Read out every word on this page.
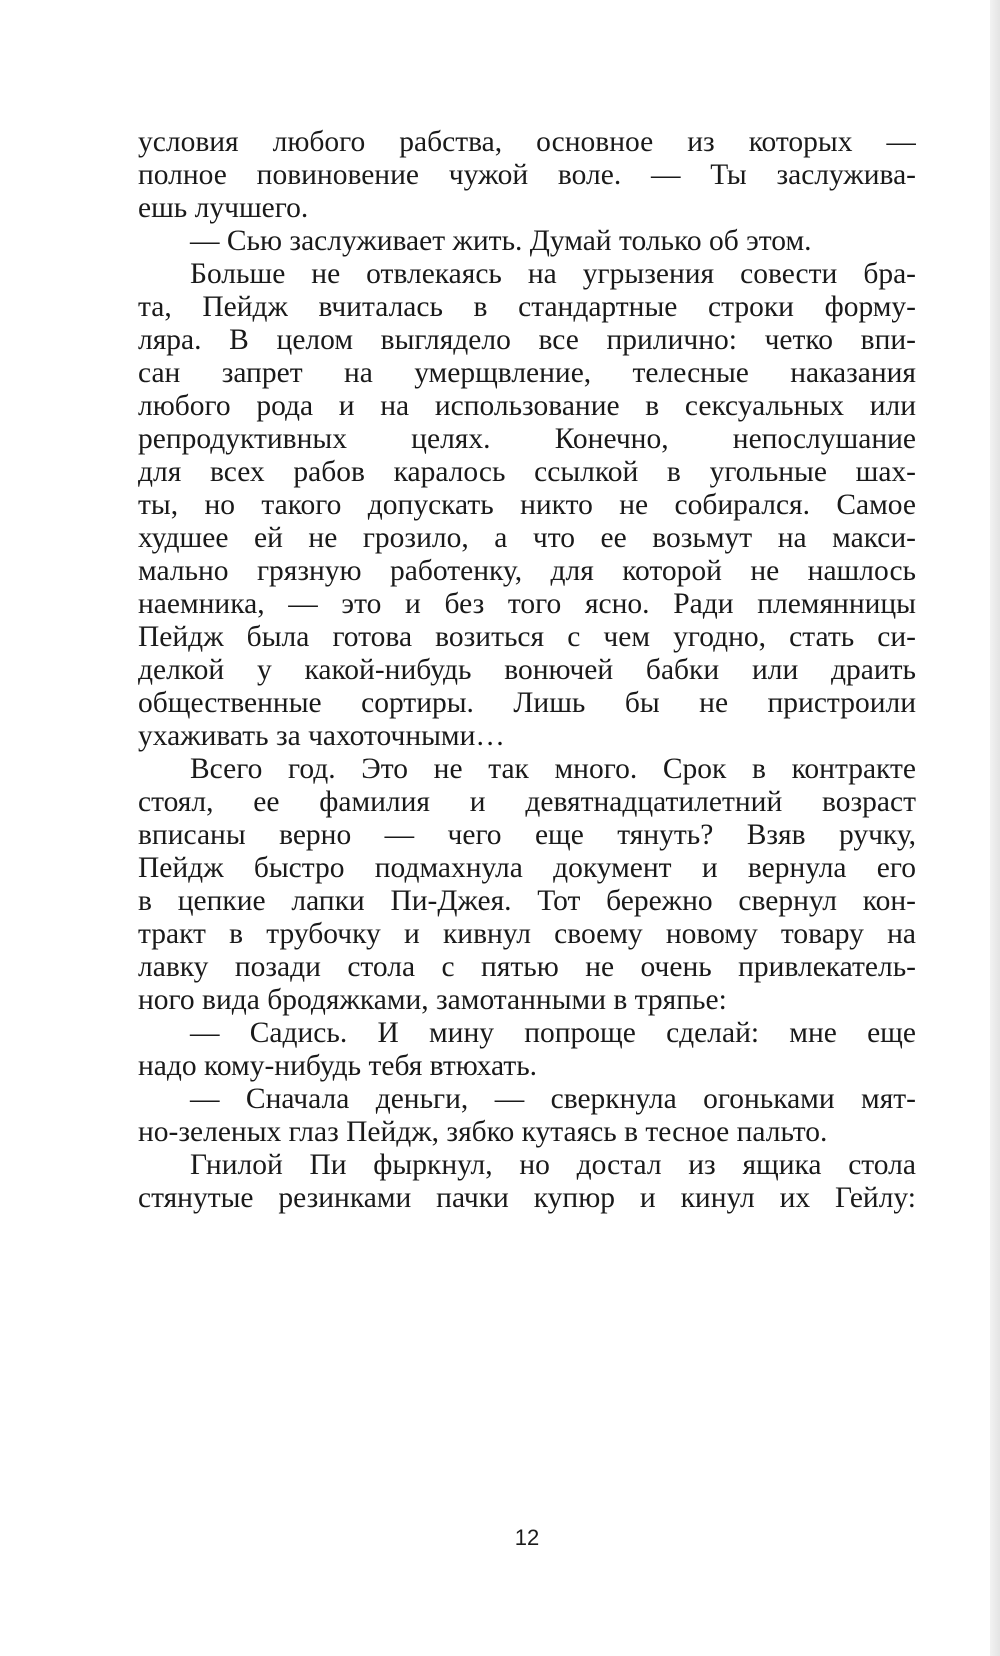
условия любого рабства, основное из которых —
полное повиновение чужой воле. — Ты заслужива-
ешь лучшего.
— Сью заслуживает жить. Думай только об этом.
Больше не отвлекаясь на угрызения совести бра-
та, Пейдж вчиталась в стандартные строки форму-
ляра. В целом выглядело все прилично: четко впи-
сан запрет на умерщвление, телесные наказания
любого рода и на использование в сексуальных или
репродуктивных целях. Конечно, непослушание
для всех рабов каралось ссылкой в угольные шах-
ты, но такого допускать никто не собирался. Самое
худшее ей не грозило, а что ее возьмут на макси-
мально грязную работенку, для которой не нашлось
наемника, — это и без того ясно. Ради племянницы
Пейдж была готова возиться с чем угодно, стать си-
делкой у какой-нибудь вонючей бабки или драить
общественные сортиры. Лишь бы не пристроили
ухаживать за чахоточными…
Всего год. Это не так много. Срок в контракте
стоял, ее фамилия и девятнадцатилетний возраст
вписаны верно — чего еще тянуть? Взяв ручку,
Пейдж быстро подмахнула документ и вернула его
в цепкие лапки Пи-Джея. Тот бережно свернул кон-
тракт в трубочку и кивнул своему новому товару на
лавку позади стола с пятью не очень привлекатель-
ного вида бродяжками, замотанными в тряпье:
— Садись. И мину попроще сделай: мне еще
надо кому-нибудь тебя втюхать.
— Сначала деньги, — сверкнула огоньками мят-
но-зеленых глаз Пейдж, зябко кутаясь в тесное пальто.
Гнилой Пи фыркнул, но достал из ящика стола
стянутые резинками пачки купюр и кинул их Гейлу:
12
